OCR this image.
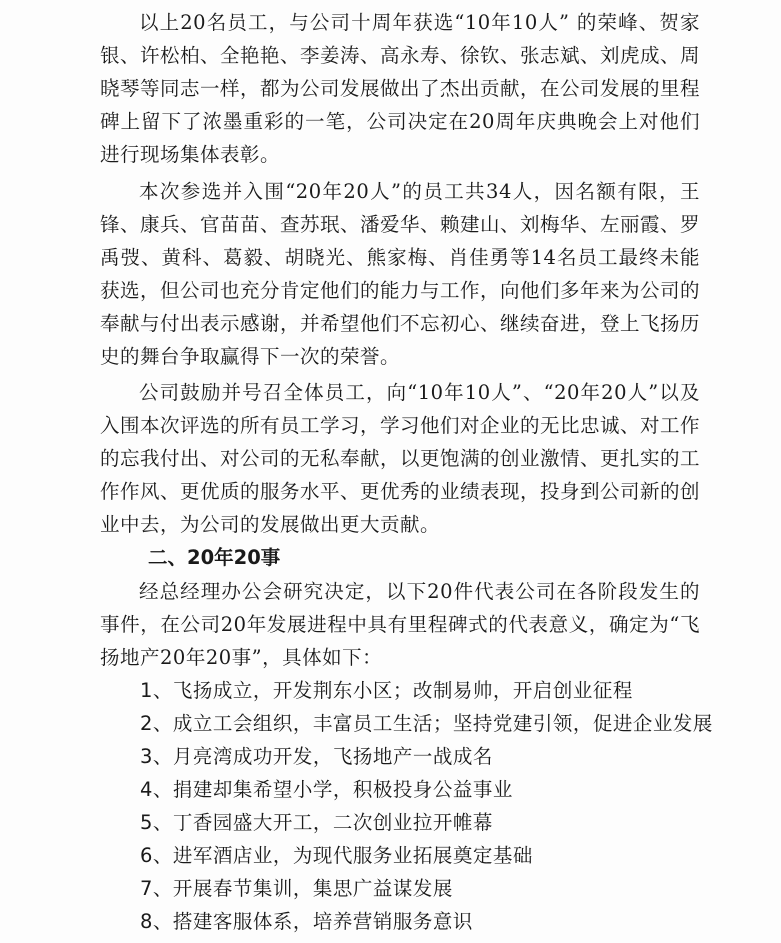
以上20名员工，与公司十周年获选“10年10人” 的荣峰、贺家银、许松柏、全艳艳、李姜涛、高永寿、徐钦、张志斌、刘虎成、周晓琴等同志一样，都为公司发展做出了杰出贡献，在公司发展的里程碑上留下了浓墨重彩的一笔，公司决定在20周年庆典晚会上对他们进行现场集体表彰。

本次参选并入围“20年20人”的员工共34人，因名额有限，王锋、康兵、官苗苗、查苏珉、潘爱华、赖建山、刘梅华、左丽霞、罗禹弢、黄科、葛毅、胡晓光、熊家梅、肖佳勇等14名员工最终未能获选，但公司也充分肯定他们的能力与工作，向他们多年来为公司的奉献与付出表示感谢，并希望他们不忘初心、继续奋进，登上飞扬历史的舞台争取赢得下一次的荣誉。

公司鼓励并号召全体员工，向“10年10人”、“20年20人”以及入围本次评选的所有员工学习，学习他们对企业的无比忠诚、对工作的忘我付出、对公司的无私奉献，以更饱满的创业激情、更扎实的工作作风、更优质的服务水平、更优秀的业绩表现，投身到公司新的创业中去，为公司的发展做出更大贡献。

二、20年20事

经总经理办公会研究决定，以下20件代表公司在各阶段发生的事件，在公司20年发展进程中具有里程碑式的代表意义，确定为“飞扬地产20年20事”，具体如下：

1、飞扬成立，开发荆东小区；改制易帅，开启创业征程
2、成立工会组织，丰富员工生活；坚持党建引领，促进企业发展
3、月亮湾成功开发，飞扬地产一战成名
4、捐建却集希望小学，积极投身公益事业
5、丁香园盛大开工，二次创业拉开帷幕
6、进军酒店业，为现代服务业拓展奠定基础
7、开展春节集训，集思广益谋发展
8、搭建客服体系，培养营销服务意识
